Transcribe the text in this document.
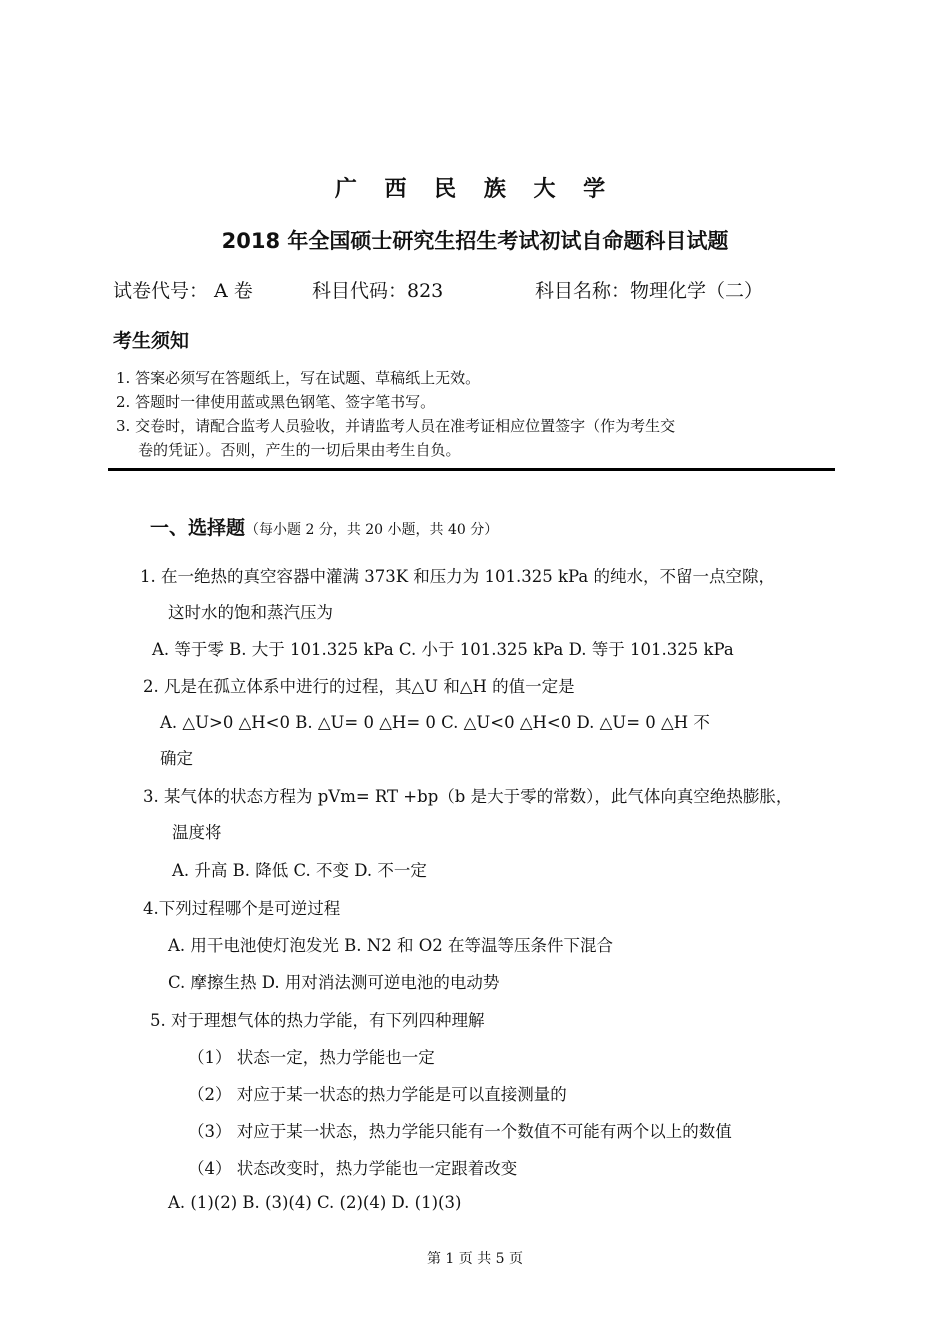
广 西 民 族 大 学
2018 年全国硕士研究生招生考试初试自命题科目试题
试卷代号： A 卷	科目代码：823	科目名称：物理化学（二）
考生须知
1. 答案必须写在答题纸上，写在试题、草稿纸上无效。
2. 答题时一律使用蓝或黑色钢笔、签字笔书写。
3. 交卷时，请配合监考人员验收，并请监考人员在准考证相应位置签字（作为考生交
卷的凭证）。否则，产生的一切后果由考生自负。
一、选择题（每小题 2 分，共 20 小题，共 40 分）
1. 在一绝热的真空容器中灌满 373K 和压力为 101.325 kPa 的纯水，不留一点空隙，
这时水的饱和蒸汽压为
A. 等于零 B. 大于 101.325 kPa C. 小于 101.325 kPa D. 等于 101.325 kPa
2. 凡是在孤立体系中进行的过程，其△U 和△H 的值一定是
A. △U>0 △H<0 B. △U= 0 △H= 0 C. △U<0 △H<0 D. △U= 0 △H 不
确定
3. 某气体的状态方程为 pVm= RT +bp（b 是大于零的常数），此气体向真空绝热膨胀，
温度将
A. 升高 B. 降低 C. 不变 D. 不一定
4.下列过程哪个是可逆过程
A. 用干电池使灯泡发光 B. N2 和 O2 在等温等压条件下混合
C. 摩擦生热 D. 用对消法测可逆电池的电动势
5. 对于理想气体的热力学能，有下列四种理解
（1） 状态一定，热力学能也一定
（2） 对应于某一状态的热力学能是可以直接测量的
（3） 对应于某一状态，热力学能只能有一个数值不可能有两个以上的数值
（4） 状态改变时，热力学能也一定跟着改变
A. (1)(2) B. (3)(4) C. (2)(4) D. (1)(3)
第 1 页 共 5 页
